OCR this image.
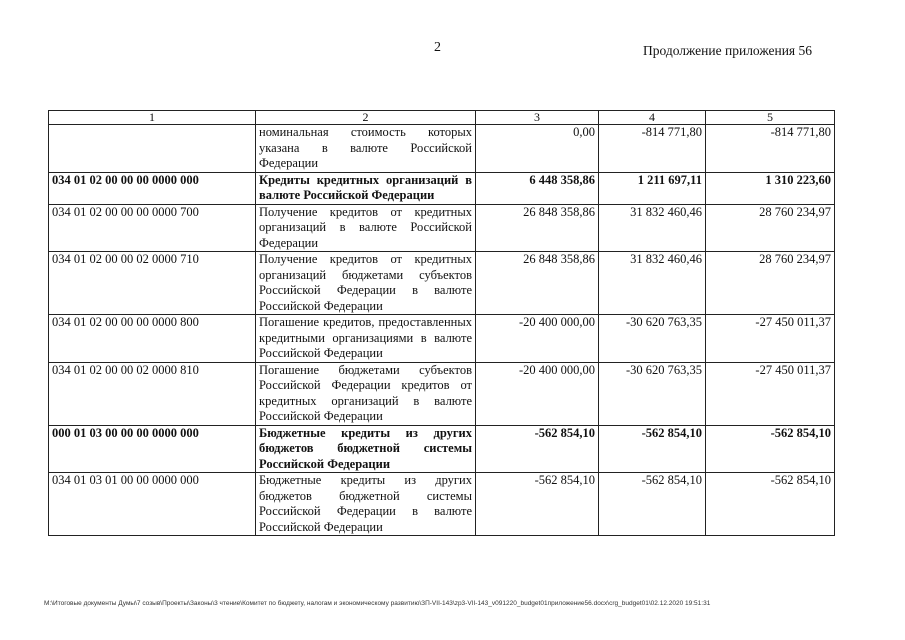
2	Продолжение приложения 56
1	2	3	4	5
	номинальная стоимость которых указана в валюте Российской Федерации	0,00	-814 771,80	-814 771,80
034 01 02 00 00 00 0000 000	Кредиты кредитных организаций в валюте Российской Федерации	6 448 358,86	1 211 697,11	1 310 223,60
034 01 02 00 00 00 0000 700	Получение кредитов от кредитных организаций в валюте Российской Федерации	26 848 358,86	31 832 460,46	28 760 234,97
034 01 02 00 00 02 0000 710	Получение кредитов от кредитных организаций бюджетами субъектов Российской Федерации в валюте Российской Федерации	26 848 358,86	31 832 460,46	28 760 234,97
034 01 02 00 00 00 0000 800	Погашение кредитов, предоставленных кредитными организациями в валюте Российской Федерации	-20 400 000,00	-30 620 763,35	-27 450 011,37
034 01 02 00 00 02 0000 810	Погашение бюджетами субъектов Российской Федерации кредитов от кредитных организаций в валюте Российской Федерации	-20 400 000,00	-30 620 763,35	-27 450 011,37
000 01 03 00 00 00 0000 000	Бюджетные кредиты из других бюджетов бюджетной системы Российской Федерации	-562 854,10	-562 854,10	-562 854,10
034 01 03 01 00 00 0000 000	Бюджетные кредиты из других бюджетов бюджетной системы Российской Федерации в валюте Российской Федерации	-562 854,10	-562 854,10	-562 854,10
M:\Итоговые документы Думы\7 созыв\Проекты\Законы\3 чтение\Комитет по бюджету, налогам и экономическому развитию\ЗП-VII-143\zp3-VII-143_v091220_budget01приложение56.docx\crg_budget01\02.12.2020 19:51:31
